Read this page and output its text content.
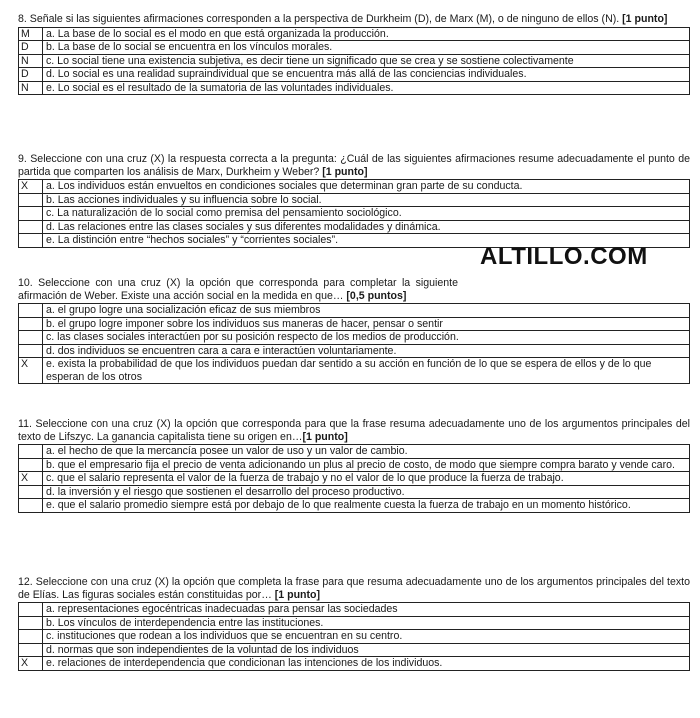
8. Señale si las siguientes afirmaciones corresponden a la perspectiva de Durkheim (D), de Marx (M), o de ninguno de ellos (N). [1 punto]

M	a. La base de lo social es el modo en que está organizada la producción.
D	b. La base de lo social se encuentra en los vínculos morales.
N	c. Lo social tiene una existencia subjetiva, es decir tiene un significado que se crea y se sostiene colectivamente
D	d. Lo social es una realidad supraindividual que se encuentra más allá de las conciencias individuales.
N	e. Lo social es el resultado de la sumatoria de las voluntades individuales.

9. Seleccione con una cruz (X) la respuesta correcta a la pregunta: ¿Cuál de las siguientes afirmaciones resume adecuadamente el punto de partida que comparten los análisis de Marx, Durkheim y Weber? [1 punto]

X	a. Los individuos están envueltos en condiciones sociales que determinan gran parte de su conducta.
	b. Las acciones individuales y su influencia sobre lo social.
	c. La naturalización de lo social como premisa del pensamiento sociológico.
	d. Las relaciones entre las clases sociales y sus diferentes modalidades y dinámica.
	e. La distinción entre “hechos sociales” y “corrientes sociales”.
ALTILLO.COM

10. Seleccione con una cruz (X) la opción que corresponda para completar la siguiente afirmación de Weber. Existe una acción social en la medida en que… [0,5 puntos]

	a. el grupo logre una socialización eficaz de sus miembros
	b. el grupo logre imponer sobre los individuos sus maneras de hacer, pensar o sentir
	c. las clases sociales interactúen por su posición respecto de los medios de producción.
	d. dos individuos se encuentren cara a cara e interactúen voluntariamente.
X	e. exista la probabilidad de que los individuos puedan dar sentido a su acción en función de lo que se espera de ellos y de lo que esperan de los otros

11. Seleccione con una cruz (X) la opción que corresponda para que la frase resuma adecuadamente uno de los argumentos principales del texto de Lifszyc. La ganancia capitalista tiene su origen en…[1 punto]

	a. el hecho de que la mercancía posee un valor de uso y un valor de cambio.
	b. que el empresario fija el precio de venta adicionando un plus al precio de costo, de modo que siempre compra barato y vende caro.
X	c. que el salario representa el valor de la fuerza de trabajo y no el valor de lo que produce la fuerza de trabajo.
	d. la inversión y el riesgo que sostienen el desarrollo del proceso productivo.
	e. que el salario promedio siempre está por debajo de lo que realmente cuesta la fuerza de trabajo en un momento histórico.

12. Seleccione con una cruz (X) la opción que completa la frase para que resuma adecuadamente uno de los argumentos principales del texto de Elías. Las figuras sociales están constituidas por… [1 punto]

	a. representaciones egocéntricas inadecuadas para pensar las sociedades
	b. Los vínculos de interdependencia entre las instituciones.
	c. instituciones que rodean a los individuos que se encuentran en su centro.
	d. normas que son independientes de la voluntad de los individuos
X	e. relaciones de interdependencia que condicionan las intenciones de los individuos.
